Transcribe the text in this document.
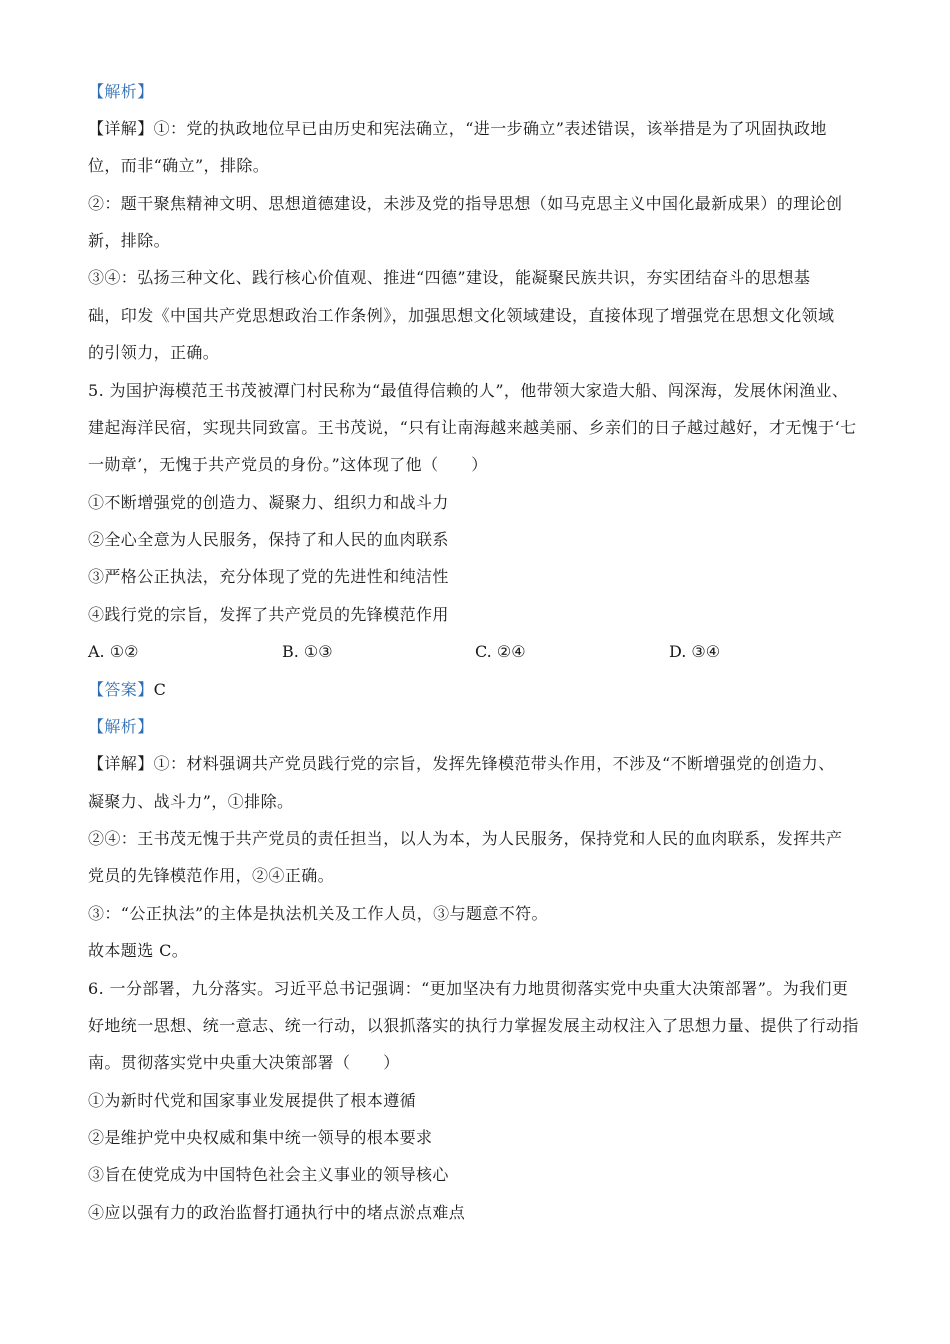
【解析】
【详解】①：党的执政地位早已由历史和宪法确立，“进一步确立”表述错误，该举措是为了巩固执政地
位，而非“确立”，排除。
②：题干聚焦精神文明、思想道德建设，未涉及党的指导思想（如马克思主义中国化最新成果）的理论创
新，排除。
③④：弘扬三种文化、践行核心价值观、推进“四德”建设，能凝聚民族共识，夯实团结奋斗的思想基
础，印发《中国共产党思想政治工作条例》，加强思想文化领域建设，直接体现了增强党在思想文化领域
的引领力，正确。
5. 为国护海模范王书茂被潭门村民称为“最值得信赖的人”，他带领大家造大船、闯深海，发展休闲渔业、
建起海洋民宿，实现共同致富。王书茂说，“只有让南海越来越美丽、乡亲们的日子越过越好，才无愧于‘七
一勋章’，无愧于共产党员的身份。”这体现了他（　　）
①不断增强党的创造力、凝聚力、组织力和战斗力
②全心全意为人民服务，保持了和人民的血肉联系
③严格公正执法，充分体现了党的先进性和纯洁性
④践行党的宗旨，发挥了共产党员的先锋模范作用
A. ①②	B. ①③	C. ②④	D. ③④
【答案】C
【解析】
【详解】①：材料强调共产党员践行党的宗旨，发挥先锋模范带头作用，不涉及“不断增强党的创造力、
凝聚力、战斗力”，①排除。
②④：王书茂无愧于共产党员的责任担当，以人为本，为人民服务，保持党和人民的血肉联系，发挥共产
党员的先锋模范作用，②④正确。
③：“公正执法”的主体是执法机关及工作人员，③与题意不符。
故本题选 C。
6. 一分部署，九分落实。习近平总书记强调：“更加坚决有力地贯彻落实党中央重大决策部署”。为我们更
好地统一思想、统一意志、统一行动，以狠抓落实的执行力掌握发展主动权注入了思想力量、提供了行动指
南。贯彻落实党中央重大决策部署（　　）
①为新时代党和国家事业发展提供了根本遵循
②是维护党中央权威和集中统一领导的根本要求
③旨在使党成为中国特色社会主义事业的领导核心
④应以强有力的政治监督打通执行中的堵点淤点难点
